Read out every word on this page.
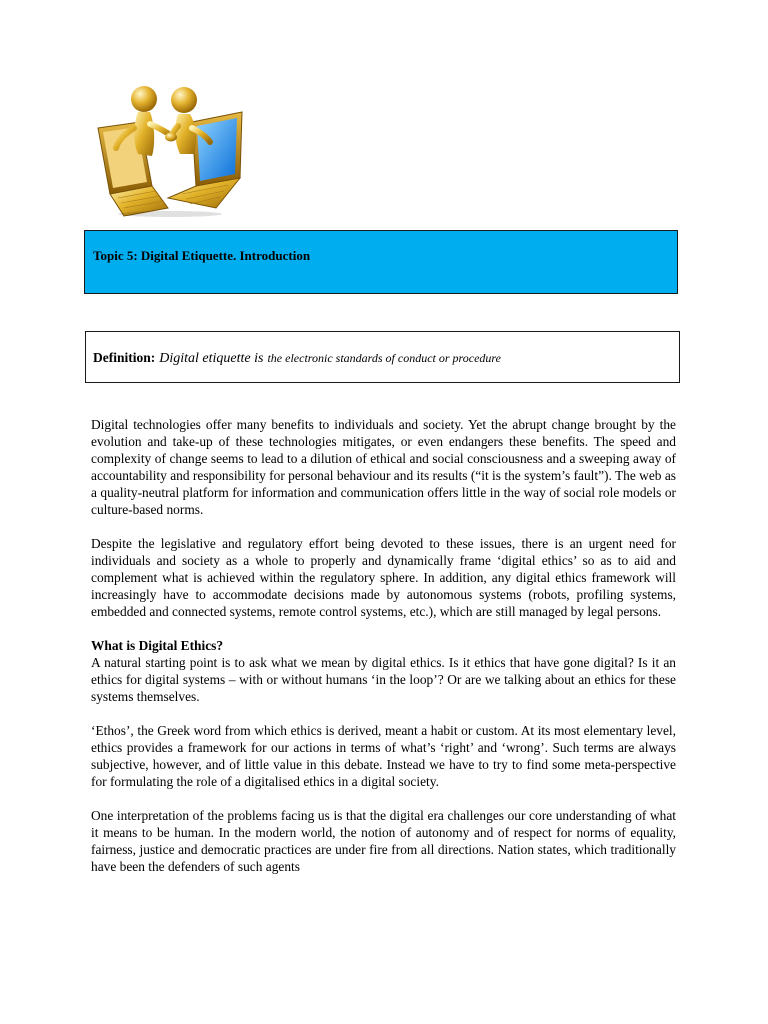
Topic 5: Digital Etiquette. Introduction

Definition: Digital etiquette is the electronic standards of conduct or procedure

Digital technologies offer many benefits to individuals and society. Yet the abrupt change brought by the evolution and take-up of these technologies mitigates, or even endangers these benefits. The speed and complexity of change seems to lead to a dilution of ethical and social consciousness and a sweeping away of accountability and responsibility for personal behaviour and its results (“it is the system’s fault”). The web as a quality-neutral platform for information and communication offers little in the way of social role models or culture-based norms.

Despite the legislative and regulatory effort being devoted to these issues, there is an urgent need for individuals and society as a whole to properly and dynamically frame ‘digital ethics’ so as to aid and complement what is achieved within the regulatory sphere. In addition, any digital ethics framework will increasingly have to accommodate decisions made by autonomous systems (robots, profiling systems, embedded and connected systems, remote control systems, etc.), which are still managed by legal persons.

What is Digital Ethics?

A natural starting point is to ask what we mean by digital ethics. Is it ethics that have gone digital? Is it an ethics for digital systems – with or without humans ‘in the loop’? Or are we talking about an ethics for these systems themselves.

‘Ethos’, the Greek word from which ethics is derived, meant a habit or custom. At its most elementary level, ethics provides a framework for our actions in terms of what’s ‘right’ and ‘wrong’. Such terms are always subjective, however, and of little value in this debate. Instead we have to try to find some meta-perspective for formulating the role of a digitalised ethics in a digital society.

One interpretation of the problems facing us is that the digital era challenges our core understanding of what it means to be human. In the modern world, the notion of autonomy and of respect for norms of equality, fairness, justice and democratic practices are under fire from all directions. Nation states, which traditionally have been the defenders of such agents
